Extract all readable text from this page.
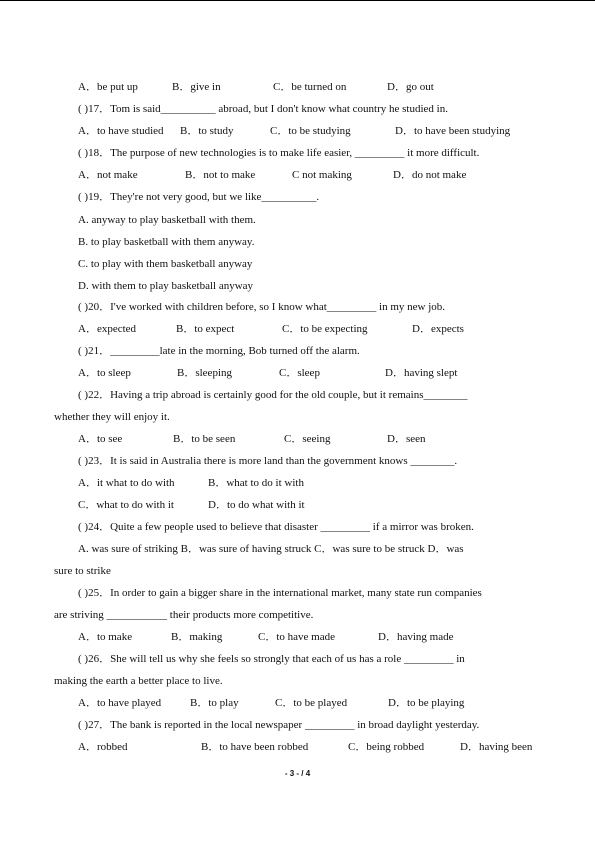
A．be put up	B．give in	C．be turned on	D．go out
( )17．Tom is said__________ abroad, but I don't know what country he studied in.
A．to have studied B．to study	C．to be studying	D．to have been studying
( )18．The purpose of new technologies is to make life easier, _________ it more difficult.
A．not make	B．not to make	C not making	D．do not make
( )19．They're not very good, but we like__________.
A. anyway to play basketball with them.
B. to play basketball with them anyway.
C. to play with them basketball anyway
D. with them to play basketball anyway
( )20．I've worked with children before, so I know what_________ in my new job.
A．expected	B．to expect	C．to be expecting	D．expects
( )21．_________late in the morning, Bob turned off the alarm.
A．to sleep	B．sleeping	C．sleep	D．having slept
( )22．Having a trip abroad is certainly good for the old couple, but it remains________
whether they will enjoy it.
A．to see	B．to be seen	C．seeing	D．seen
( )23．It is said in Australia there is more land than the government knows ________.
A．it what to do with	B．what to do it with
C．what to do with it	D．to do what with it
( )24．Quite a few people used to believe that disaster _________ if a mirror was broken.
A. was sure of striking B．was sure of having struck C．was sure to be struck D．was
sure to strike
( )25．In order to gain a bigger share in the international market, many state run companies
are striving ___________ their products more competitive.
A．to make	B．making	C．to have made	D．having made
( )26．She will tell us why she feels so strongly that each of us has a role _________ in
making the earth a better place to live.
A．to have played	B．to play	C．to be played	D．to be playing
( )27．The bank is reported in the local newspaper _________ in broad daylight yesterday.
A．robbed	B．to have been robbed	C．being robbed	D．having been
- 3 - / 4
